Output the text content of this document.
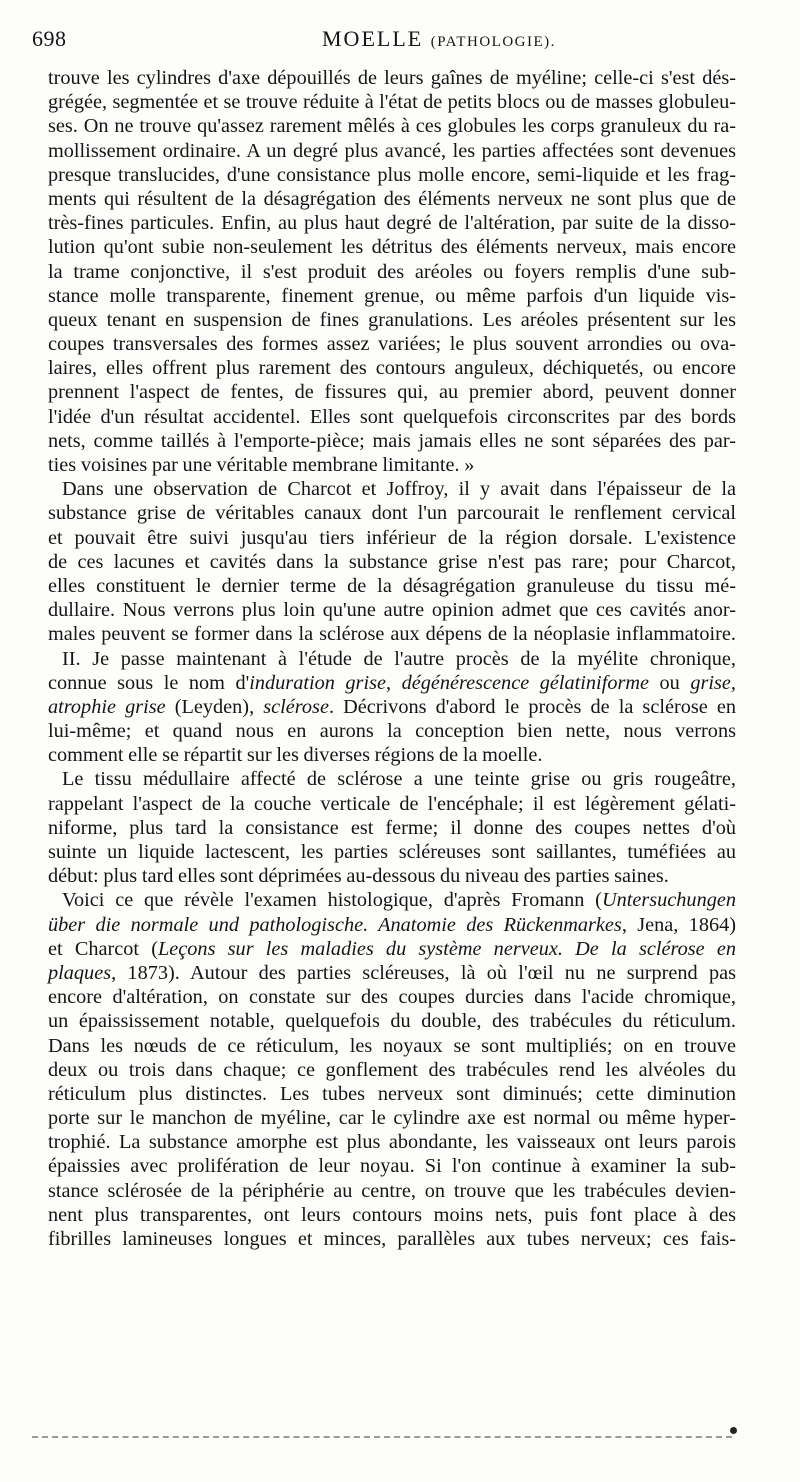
698	MOELLE (PATHOLOGIE).
trouve les cylindres d'axe dépouillés de leurs gaînes de myéline; celle-ci s'est dés-
grégée, segmentée et se trouve réduite à l'état de petits blocs ou de masses globuleu-
ses. On ne trouve qu'assez rarement mêlés à ces globules les corps granuleux du ra-
mollissement ordinaire. A un degré plus avancé, les parties affectées sont devenues
presque translucides, d'une consistance plus molle encore, semi-liquide et les frag-
ments qui résultent de la désagrégation des éléments nerveux ne sont plus que de
très-fines particules. Enfin, au plus haut degré de l'altération, par suite de la disso-
lution qu'ont subie non-seulement les détritus des éléments nerveux, mais encore
la trame conjonctive, il s'est produit des aréoles ou foyers remplis d'une sub-
stance molle transparente, finement grenue, ou même parfois d'un liquide vis-
queux tenant en suspension de fines granulations. Les aréoles présentent sur les
coupes transversales des formes assez variées; le plus souvent arrondies ou ova-
laires, elles offrent plus rarement des contours anguleux, déchiquetés, ou encore
prennent l'aspect de fentes, de fissures qui, au premier abord, peuvent donner
l'idée d'un résultat accidentel. Elles sont quelquefois circonscrites par des bords
nets, comme taillés à l'emporte-pièce; mais jamais elles ne sont séparées des par-
ties voisines par une véritable membrane limitante. »
Dans une observation de Charcot et Joffroy, il y avait dans l'épaisseur de la
substance grise de véritables canaux dont l'un parcourait le renflement cervical
et pouvait être suivi jusqu'au tiers inférieur de la région dorsale. L'existence
de ces lacunes et cavités dans la substance grise n'est pas rare; pour Charcot,
elles constituent le dernier terme de la désagrégation granuleuse du tissu mé-
dullaire. Nous verrons plus loin qu'une autre opinion admet que ces cavités anor-
males peuvent se former dans la sclérose aux dépens de la néoplasie inflammatoire.
II. Je passe maintenant à l'étude de l'autre procès de la myélite chronique,
connue sous le nom d'induration grise, dégénérescence gélatiniforme ou grise,
atrophie grise (Leyden), sclérose. Décrivons d'abord le procès de la sclérose en
lui-même; et quand nous en aurons la conception bien nette, nous verrons
comment elle se répartit sur les diverses régions de la moelle.
Le tissu médullaire affecté de sclérose a une teinte grise ou gris rougeâtre,
rappelant l'aspect de la couche verticale de l'encéphale; il est légèrement gélati-
niforme, plus tard la consistance est ferme; il donne des coupes nettes d'où
suinte un liquide lactescent, les parties scléreuses sont saillantes, tuméfiées au
début: plus tard elles sont déprimées au-dessous du niveau des parties saines.
Voici ce que révèle l'examen histologique, d'après Fromann (Untersuchungen
über die normale und pathologische. Anatomie des Rückenmarkes, Jena, 1864)
et Charcot (Leçons sur les maladies du système nerveux. De la sclérose en
plaques, 1873). Autour des parties scléreuses, là où l'œil nu ne surprend pas
encore d'altération, on constate sur des coupes durcies dans l'acide chromique,
un épaississement notable, quelquefois du double, des trabécules du réticulum.
Dans les nœuds de ce réticulum, les noyaux se sont multipliés; on en trouve
deux ou trois dans chaque; ce gonflement des trabécules rend les alvéoles du
réticulum plus distinctes. Les tubes nerveux sont diminués; cette diminution
porte sur le manchon de myéline, car le cylindre axe est normal ou même hyper-
trophié. La substance amorphe est plus abondante, les vaisseaux ont leurs parois
épaissies avec prolifération de leur noyau. Si l'on continue à examiner la sub-
stance sclérosée de la périphérie au centre, on trouve que les trabécules devien-
nent plus transparentes, ont leurs contours moins nets, puis font place à des
fibrilles lamineuses longues et minces, parallèles aux tubes nerveux; ces fais-
